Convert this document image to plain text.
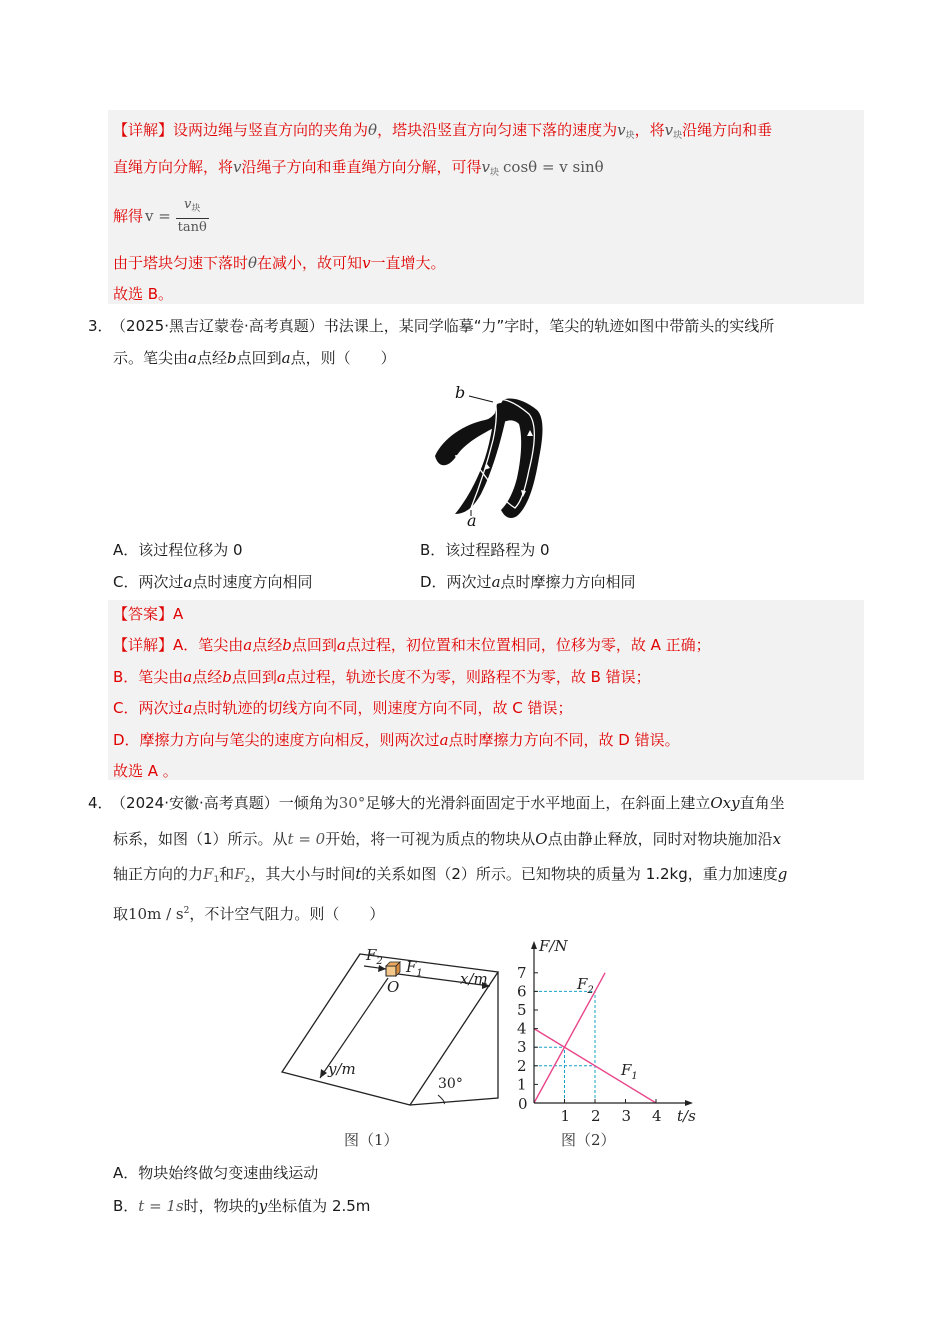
【详解】设两边绳与竖直方向的夹角为θ，塔块沿竖直方向匀速下落的速度为$v_块$，将$v_块$沿绳方向和垂
直绳方向分解，将v沿绳子方向和垂直绳方向分解，可得$v_块$ cosθ = v sinθ
解得 $v = \frac{v_块}{\tan\theta}$
由于塔块匀速下落时θ在减小，故可知v一直增大。
故选 B。
3． （2025·黑吉辽蒙卷·高考真题）书法课上，某同学临摹“力”字时，笔尖的轨迹如图中带箭头的实线所
示。笔尖由a点经b点回到a点，则（　　）
b
a
A．该过程位移为 0	B．该过程路程为 0
C．两次过a点时速度方向相同	D．两次过a点时摩擦力方向相同
【答案】A
【详解】A．笔尖由a点经b点回到a点过程，初位置和末位置相同，位移为零，故 A 正确；
B．笔尖由a点经b点回到a点过程，轨迹长度不为零，则路程不为零，故 B 错误；
C．两次过a点时轨迹的切线方向不同，则速度方向不同，故 C 错误；
D．摩擦力方向与笔尖的速度方向相反，则两次过a点时摩擦力方向不同，故 D 错误。
故选 A 。
4． （2024·安徽·高考真题）一倾角为30°足够大的光滑斜面固定于水平地面上，在斜面上建立Oxy直角坐
标系，如图（1）所示。从t = 0开始，将一可视为质点的物块从O点由静止释放，同时对物块施加沿x
轴正方向的力$F_1$和$F_2$，其大小与时间t的关系如图（2）所示。已知物块的质量为 1.2kg，重力加速度g
取$10m / s^2$，不计空气阻力。则（　　）
$F_2$ $F_1$
O	x/m
y/m
30°
图（1）
1 2 3 4
1
2
3
4
5
6
7
F/N
t/s
0
$F_2$
$F_1$
图（2）
A．物块始终做匀变速曲线运动
B．t = 1s时，物块的y坐标值为 2.5m
